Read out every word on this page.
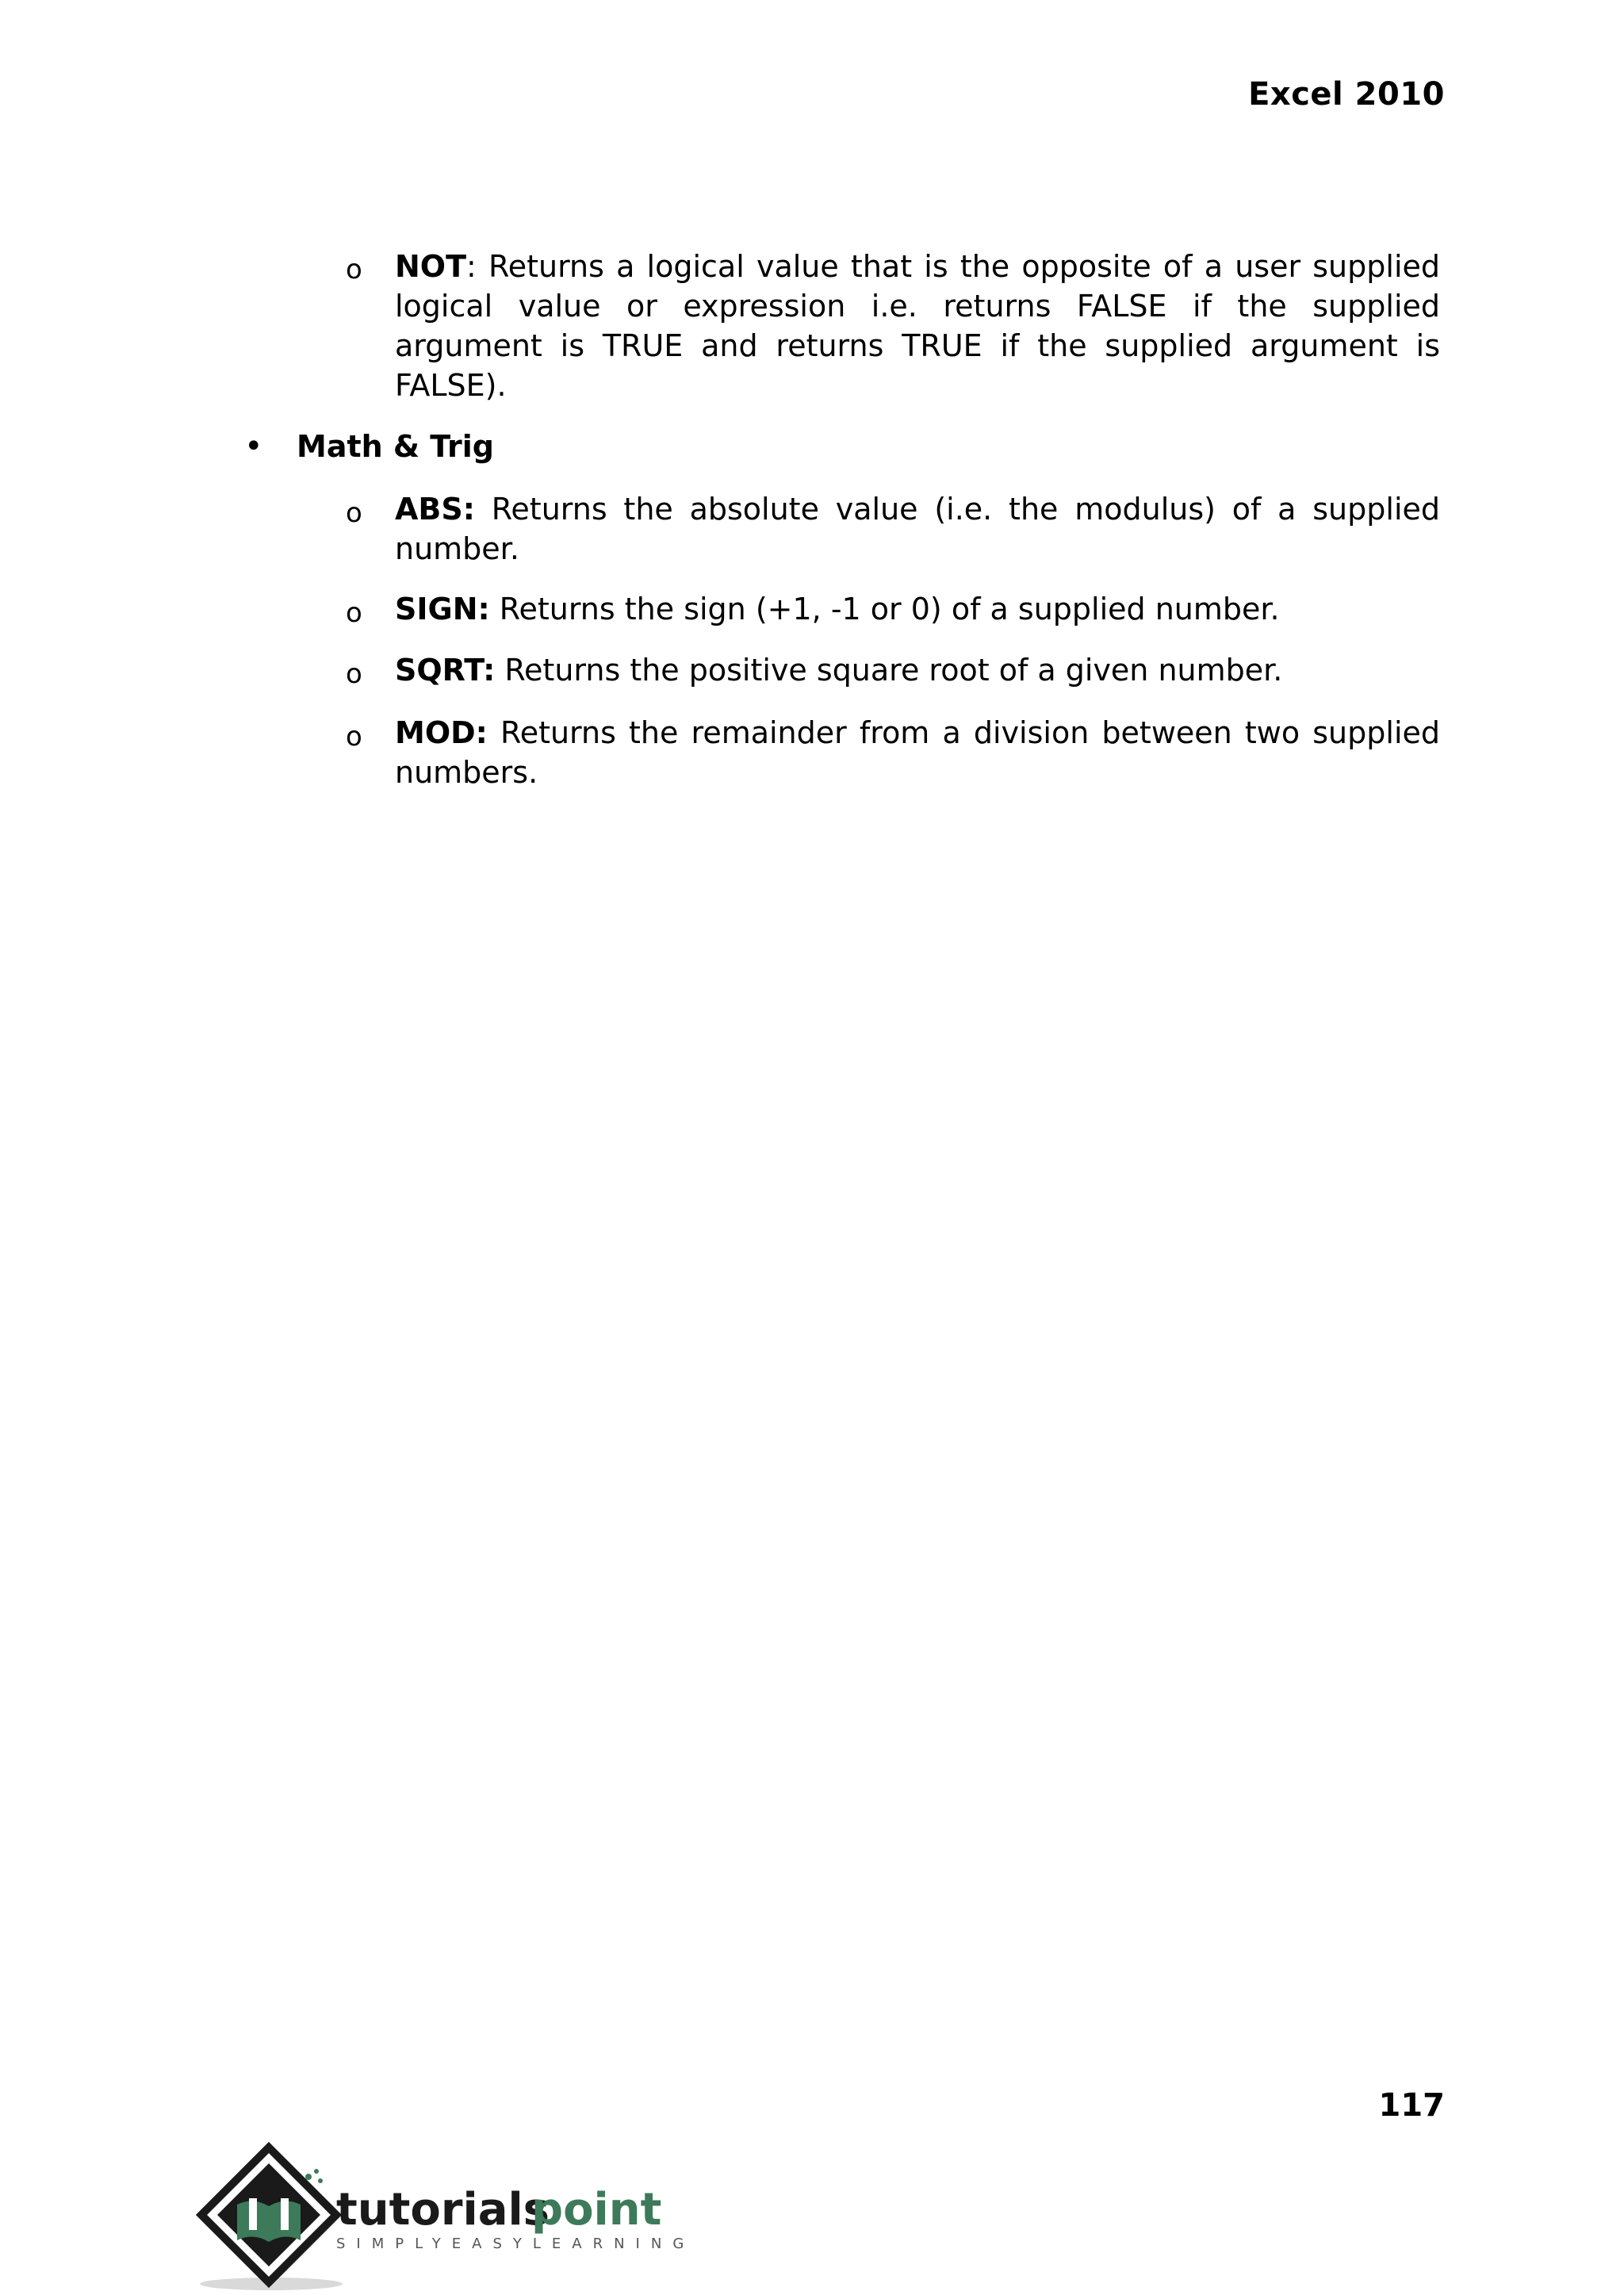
Excel 2010
o NOT: Returns a logical value that is the opposite of a user supplied logical value or expression i.e. returns FALSE if the supplied argument is TRUE and returns TRUE if the supplied argument is FALSE).
• Math & Trig
o ABS: Returns the absolute value (i.e. the modulus) of a supplied number.
o SIGN: Returns the sign (+1, -1 or 0) of a supplied number.
o SQRT: Returns the positive square root of a given number.
o MOD: Returns the remainder from a division between two supplied numbers.
117
tutorials
point
SIMPLYEASYLEARNING
